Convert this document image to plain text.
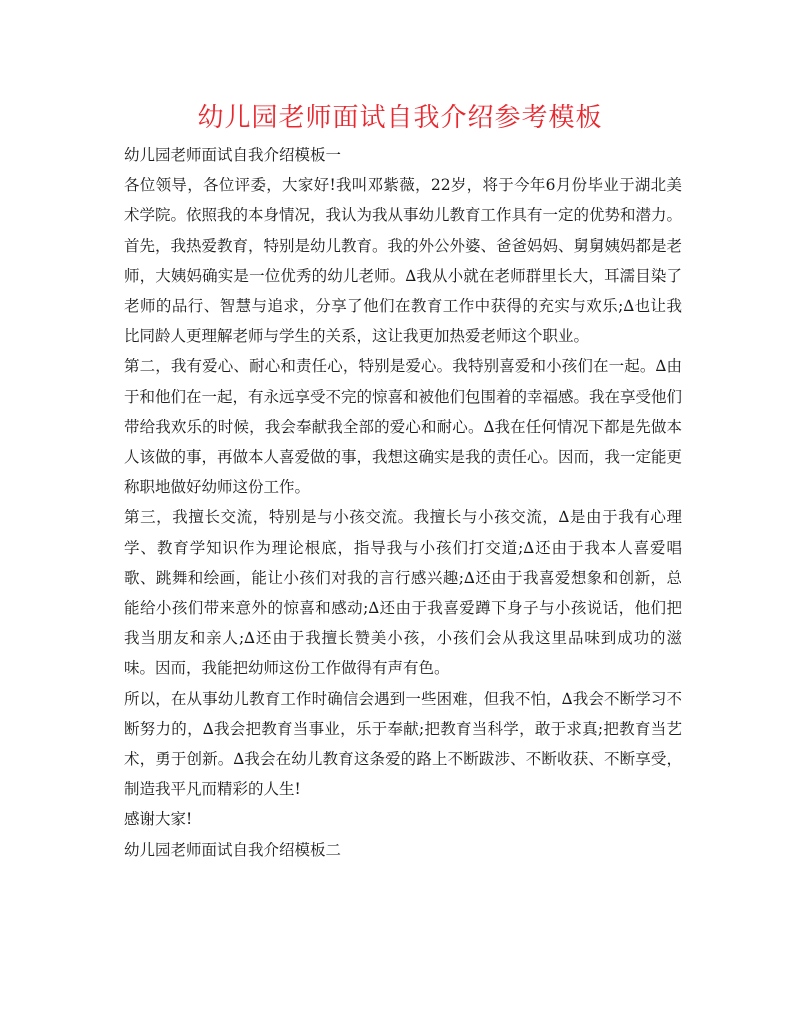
幼儿园老师面试自我介绍参考模板

幼儿园老师面试自我介绍模板一

各位领导，各位评委，大家好!我叫邓紫薇，22岁，将于今年6月份毕业于湖北美术学院。依照我的本身情况，我认为我从事幼儿教育工作具有一定的优势和潜力。

首先，我热爱教育，特别是幼儿教育。我的外公外婆、爸爸妈妈、舅舅姨妈都是老师，大姨妈确实是一位优秀的幼儿老师。∆我从小就在老师群里长大，耳濡目染了老师的品行、智慧与追求，分享了他们在教育工作中获得的充实与欢乐;∆也让我比同龄人更理解老师与学生的关系，这让我更加热爱老师这个职业。

第二，我有爱心、耐心和责任心，特别是爱心。我特别喜爱和小孩们在一起。∆由于和他们在一起，有永远享受不完的惊喜和被他们包围着的幸福感。我在享受他们带给我欢乐的时候，我会奉献我全部的爱心和耐心。∆我在任何情况下都是先做本人该做的事，再做本人喜爱做的事，我想这确实是我的责任心。因而，我一定能更称职地做好幼师这份工作。

第三，我擅长交流，特别是与小孩交流。我擅长与小孩交流，∆是由于我有心理学、教育学知识作为理论根底，指导我与小孩们打交道;∆还由于我本人喜爱唱歌、跳舞和绘画，能让小孩们对我的言行感兴趣;∆还由于我喜爱想象和创新，总能给小孩们带来意外的惊喜和感动;∆还由于我喜爱蹲下身子与小孩说话，他们把我当朋友和亲人;∆还由于我擅长赞美小孩，小孩们会从我这里品味到成功的滋味。因而，我能把幼师这份工作做得有声有色。

所以，在从事幼儿教育工作时确信会遇到一些困难，但我不怕，∆我会不断学习不断努力的，∆我会把教育当事业，乐于奉献;把教育当科学，敢于求真;把教育当艺术，勇于创新。∆我会在幼儿教育这条爱的路上不断跋涉、不断收获、不断享受，制造我平凡而精彩的人生!

感谢大家!

幼儿园老师面试自我介绍模板二
